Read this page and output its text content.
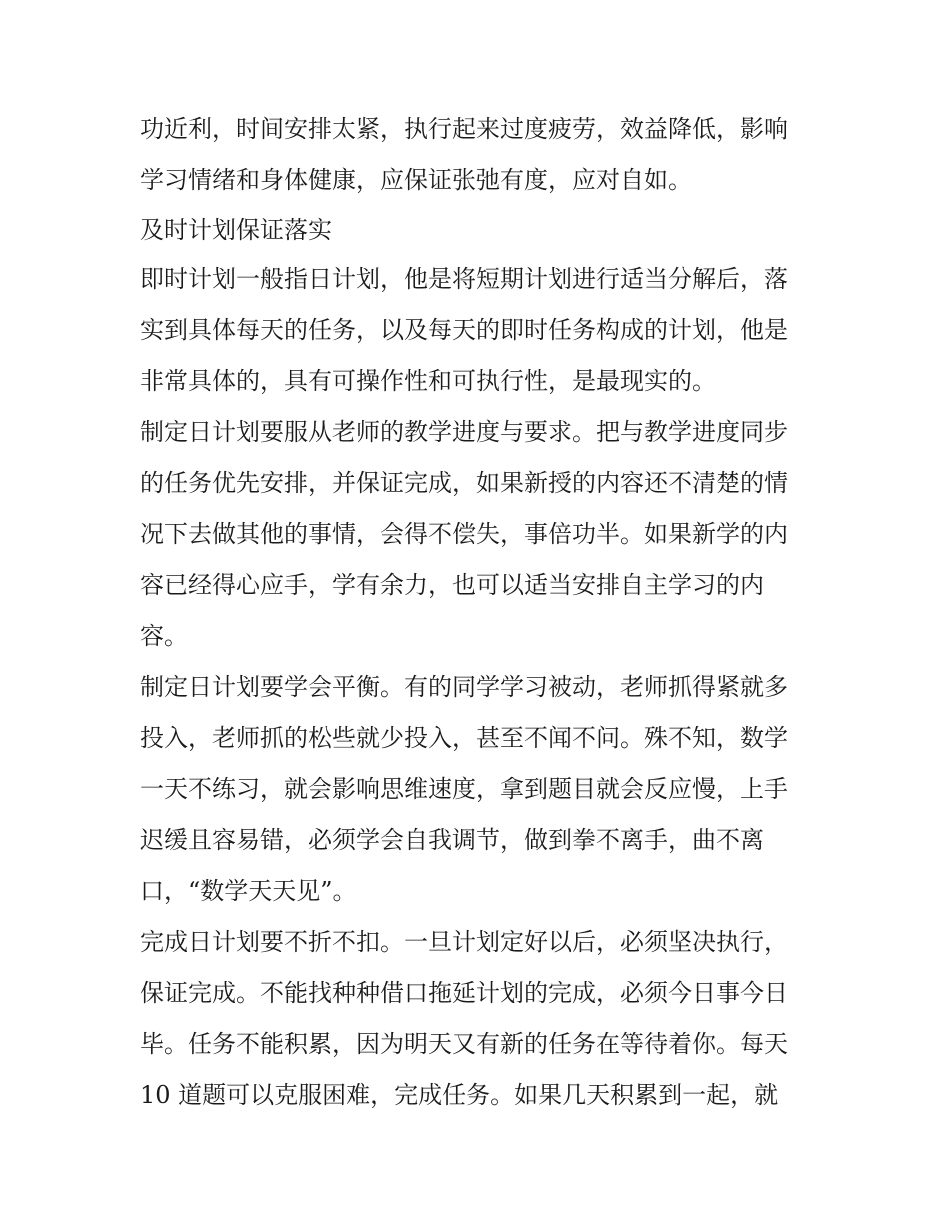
功近利，时间安排太紧，执行起来过度疲劳，效益降低，影响
学习情绪和身体健康，应保证张弛有度，应对自如。
及时计划保证落实
即时计划一般指日计划，他是将短期计划进行适当分解后，落
实到具体每天的任务，以及每天的即时任务构成的计划，他是
非常具体的，具有可操作性和可执行性，是最现实的。
制定日计划要服从老师的教学进度与要求。把与教学进度同步
的任务优先安排，并保证完成，如果新授的内容还不清楚的情
况下去做其他的事情，会得不偿失，事倍功半。如果新学的内
容已经得心应手，学有余力，也可以适当安排自主学习的内
容。
制定日计划要学会平衡。有的同学学习被动，老师抓得紧就多
投入，老师抓的松些就少投入，甚至不闻不问。殊不知，数学
一天不练习，就会影响思维速度，拿到题目就会反应慢，上手
迟缓且容易错，必须学会自我调节，做到拳不离手，曲不离
口，“数学天天见”。
完成日计划要不折不扣。一旦计划定好以后，必须坚决执行，
保证完成。不能找种种借口拖延计划的完成，必须今日事今日
毕。任务不能积累，因为明天又有新的任务在等待着你。每天
10 道题可以克服困难，完成任务。如果几天积累到一起，就
